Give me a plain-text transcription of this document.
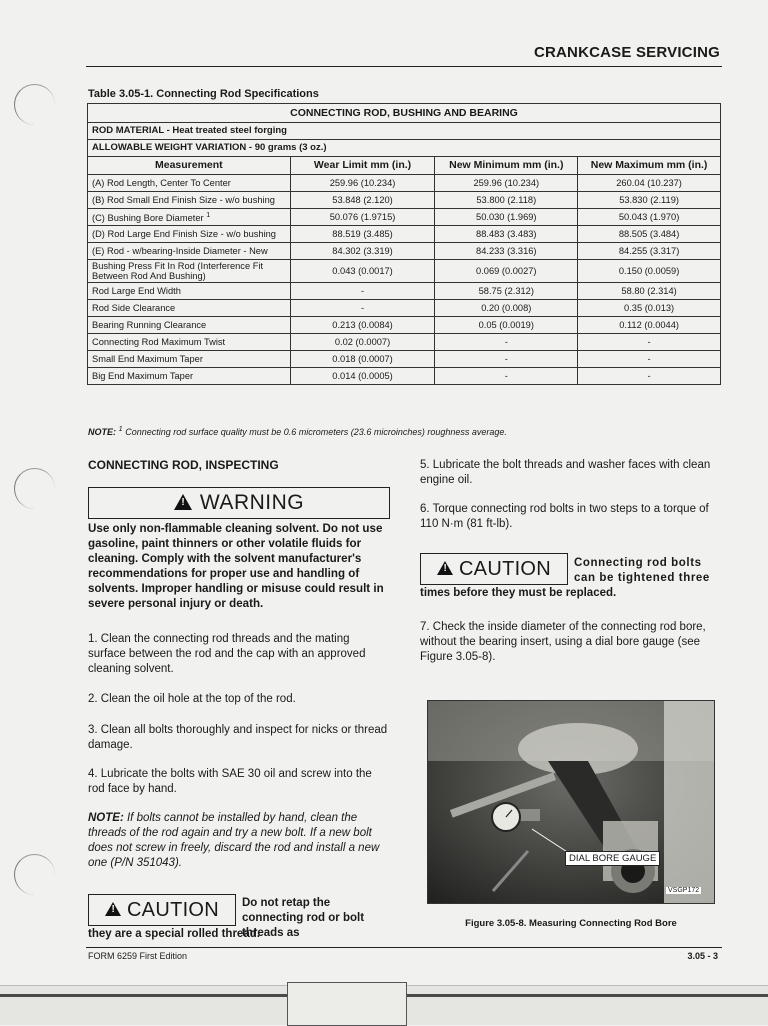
CRANKCASE SERVICING
Table 3.05-1. Connecting Rod Specifications
CONNECTING ROD, BUSHING AND BEARING			
ROD MATERIAL - Heat treated steel forging			
ALLOWABLE WEIGHT VARIATION - 90 grams (3 oz.)			
Measurement	Wear Limit mm (in.)	New Minimum mm (in.)	New Maximum mm (in.)
(A) Rod Length, Center To Center	259.96 (10.234)	259.96 (10.234)	260.04 (10.237)
(B) Rod Small End Finish Size - w/o bushing	53.848 (2.120)	53.800 (2.118)	53.830 (2.119)
(C) Bushing Bore Diameter $^1$	50.076 (1.9715)	50.030 (1.969)	50.043 (1.970)
(D) Rod Large End Finish Size - w/o bushing	88.519 (3.485)	88.483 (3.483)	88.505 (3.484)
(E) Rod - w/bearing-Inside Diameter - New	84.302 (3.319)	84.233 (3.316)	84.255 (3.317)
Bushing Press Fit In Rod (Interference Fit Between Rod And Bushing)	0.043 (0.0017)	0.069 (0.0027)	0.150 (0.0059)
Rod Large End Width	-	58.75 (2.312)	58.80 (2.314)
Rod Side Clearance	-	0.20 (0.008)	0.35 (0.013)
Bearing Running Clearance	0.213 (0.0084)	0.05 (0.0019)	0.112 (0.0044)
Connecting Rod Maximum Twist	0.02 (0.0007)	-	-
Small End Maximum Taper	0.018 (0.0007)	-	-
Big End Maximum Taper	0.014 (0.0005)	-	-
NOTE: $^1$ Connecting rod surface quality must be 0.6 micrometers (23.6 microinches) roughness average.
CONNECTING ROD, INSPECTING
! WARNING
Use only non-flammable cleaning solvent. Do not use gasoline, paint thinners or other volatile fluids for cleaning. Comply with the solvent manufacturer's recommendations for proper use and handling of solvents. Improper handling or misuse could result in severe personal injury or death.

1. Clean the connecting rod threads and the mating surface between the rod and the cap with an approved cleaning solvent.

2. Clean the oil hole at the top of the rod.

3. Clean all bolts thoroughly and inspect for nicks or thread damage.

4. Lubricate the bolts with SAE 30 oil and screw into the rod face by hand.

NOTE: If bolts cannot be installed by hand, clean the threads of the rod again and try a new bolt. If a new bolt does not screw in freely, discard the rod and install a new one (P/N 351043).

! CAUTION Do not retap the connecting rod or bolt threads as
they are a special rolled thread.

5. Lubricate the bolt threads and washer faces with clean engine oil.

6. Torque connecting rod bolts in two steps to a torque of 110 N·m (81 ft-lb).

! CAUTION Connecting rod bolts can be tightened three
times before they must be replaced.

7. Check the inside diameter of the connecting rod bore, without the bearing insert, using a dial bore gauge (see Figure 3.05-8).

DIAL BORE GAUGE
VSGP172
Figure 3.05-8. Measuring Connecting Rod Bore
FORM 6259 First Edition	3.05 - 3
